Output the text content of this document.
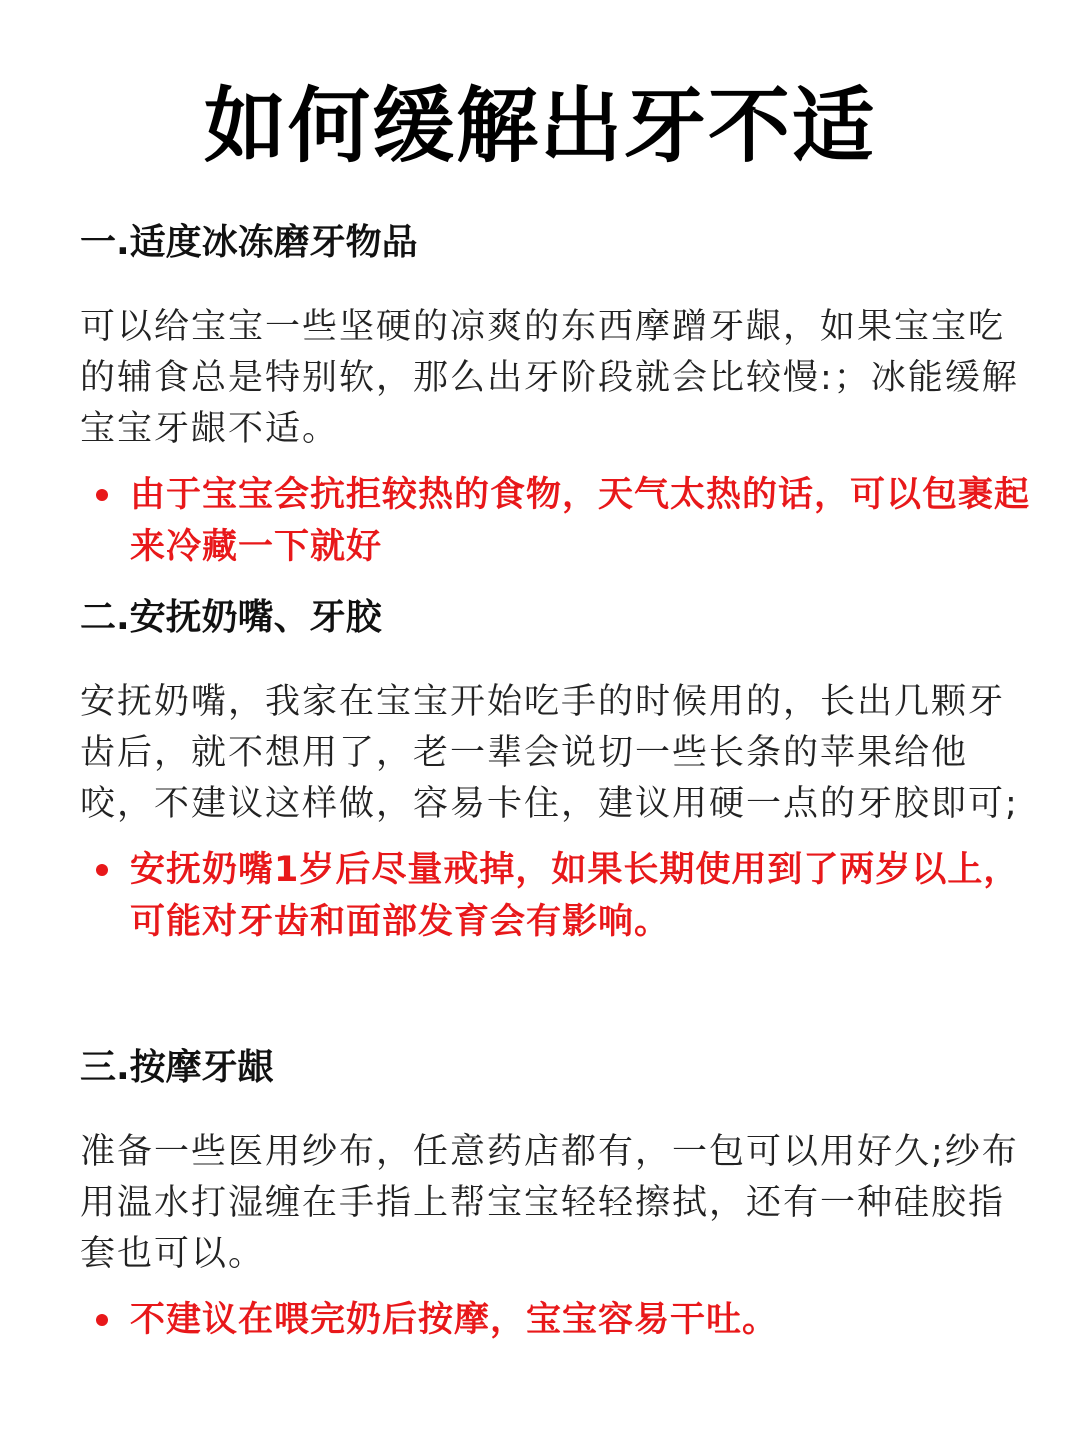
如何缓解出牙不适
一.适度冰冻磨牙物品
可以给宝宝一些坚硬的凉爽的东西摩蹭牙龈，如果宝宝吃的辅食总是特别软，那么出牙阶段就会比较慢:；冰能缓解宝宝牙龈不适。
由于宝宝会抗拒较热的食物，天气太热的话，可以包裹起来冷藏一下就好
二.安抚奶嘴、牙胶
安抚奶嘴，我家在宝宝开始吃手的时候用的，长出几颗牙齿后，就不想用了，老一辈会说切一些长条的苹果给他咬，不建议这样做，容易卡住，建议用硬一点的牙胶即可;
安抚奶嘴1岁后尽量戒掉，如果长期使用到了两岁以上，可能对牙齿和面部发育会有影响。
三.按摩牙龈
准备一些医用纱布，任意药店都有，一包可以用好久;纱布用温水打湿缠在手指上帮宝宝轻轻擦拭，还有一种硅胶指套也可以。
不建议在喂完奶后按摩，宝宝容易干吐。
